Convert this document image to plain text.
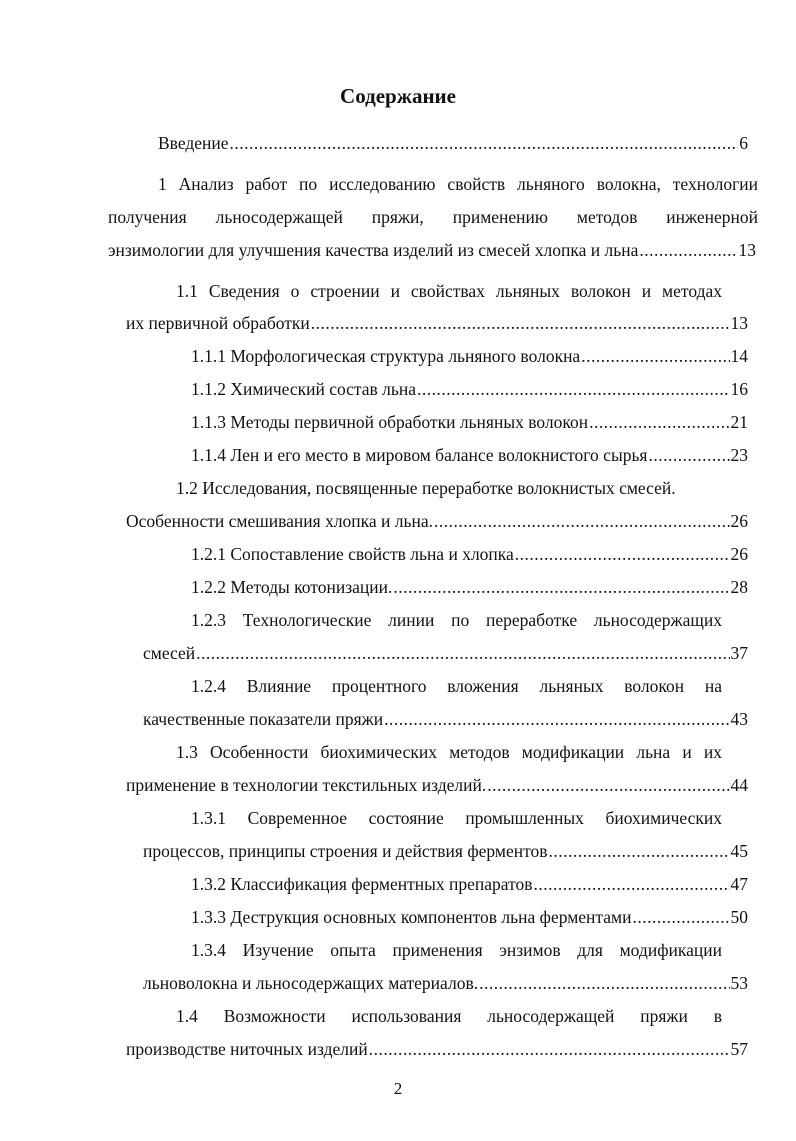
Содержание
Введение .....	6
1 Анализ работ по исследованию свойств льняного волокна, технологии
получения льносодержащей пряжи, применению методов инженерной
энзимологии для улучшения качества изделий из смесей хлопка и льна .....	13
1.1 Сведения о строении и свойствах льняных волокон и методах
их первичной обработки .....	13
1.1.1 Морфологическая структура льняного волокна .....	14
1.1.2 Химический состав льна .....	16
1.1.3 Методы первичной обработки льняных волокон .....	21
1.1.4 Лен и его место в мировом балансе волокнистого сырья .....	23
1.2 Исследования, посвященные переработке волокнистых смесей.
Особенности смешивания хлопка и льна. .....	26
1.2.1 Сопоставление свойств льна и хлопка .....	26
1.2.2 Методы котонизации. .....	28
1.2.3 Технологические линии по переработке льносодержащих
смесей .....	37
1.2.4 Влияние процентного вложения льняных волокон на
качественные показатели пряжи .....	43
1.3 Особенности биохимических методов модификации льна и их
применение в технологии текстильных изделий. .....	44
1.3.1 Современное состояние промышленных биохимических
процессов, принципы строения и действия ферментов .....	45
1.3.2 Классификация ферментных препаратов .....	47
1.3.3 Деструкция основных компонентов льна ферментами .....	50
1.3.4 Изучение опыта применения энзимов для модификации
льноволокна и льносодержащих материалов. .....	53
1.4 Возможности использования льносодержащей пряжи в
производстве ниточных изделий .....	57
2
